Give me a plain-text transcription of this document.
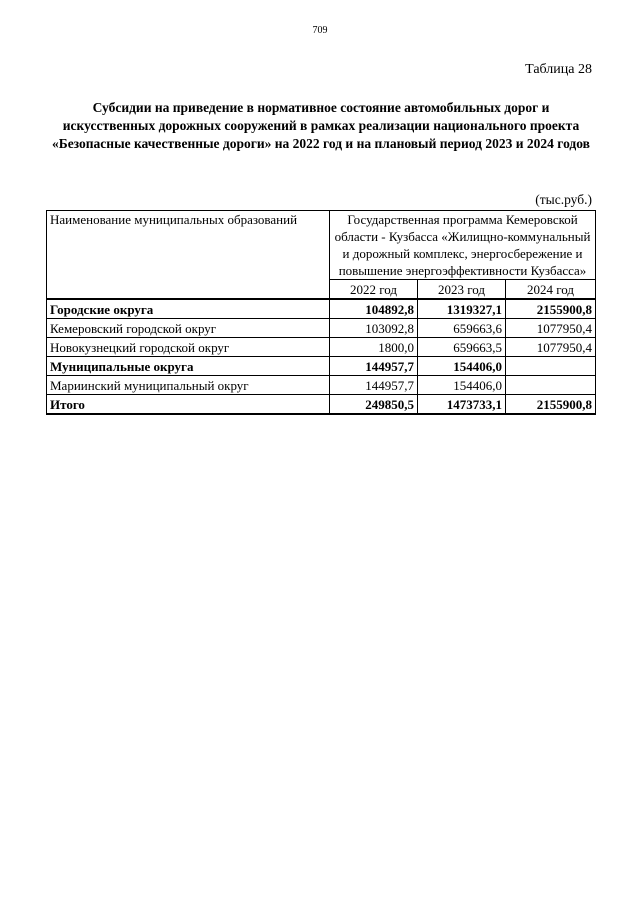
709
Таблица 28
Субсидии на приведение в нормативное состояние автомобильных дорог и искусственных дорожных сооружений в рамках реализации национального проекта «Безопасные качественные дороги» на 2022 год и на плановый период 2023 и 2024 годов
(тыс.руб.)
Наименование муниципальных образований	Государственная программа Кемеровской области - Кузбасса «Жилищно-коммунальный и дорожный комплекс, энергосбережение и повышение энергоэффективности Кузбасса»		
	2022 год	2023 год	2024 год
Городские округа	104892,8	1319327,1	2155900,8
Кемеровский городской округ	103092,8	659663,6	1077950,4
Новокузнецкий городской округ	1800,0	659663,5	1077950,4
Муниципальные округа	144957,7	154406,0	
Мариинский муниципальный округ	144957,7	154406,0	
Итого	249850,5	1473733,1	2155900,8
